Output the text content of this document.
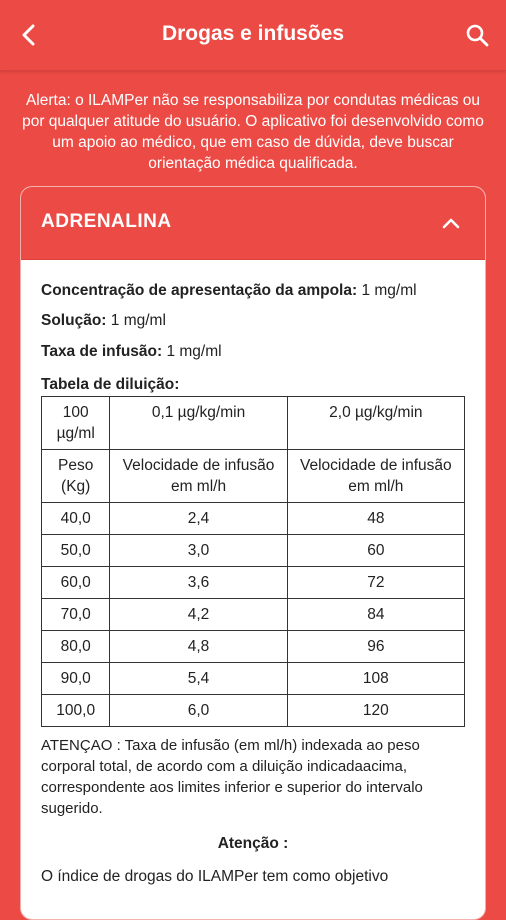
Drogas e infusões
Alerta: o ILAMPer não se responsabiliza por condutas médicas ou por qualquer atitude do usuário. O aplicativo foi desenvolvido como um apoio ao médico, que em caso de dúvida, deve buscar orientação médica qualificada.
ADRENALINA

Concentração de apresentação da ampola: 1 mg/ml

Solução: 1 mg/ml

Taxa de infusão: 1 mg/ml

Tabela de diluição:
100 µg/ml	0,1 µg/kg/min	2,0 µg/kg/min
Peso (Kg)	Velocidade de infusão em ml/h	Velocidade de infusão em ml/h
40,0	2,4	48
50,0	3,0	60
60,0	3,6	72
70,0	4,2	84
80,0	4,8	96
90,0	5,4	108
100,0	6,0	120

ATENÇAO : Taxa de infusão (em ml/h) indexada ao peso corporal total, de acordo com a diluição indicadaacima, correspondente aos limites inferior e superior do intervalo sugerido.

Atenção :

O índice de drogas do ILAMPer tem como objetivo
